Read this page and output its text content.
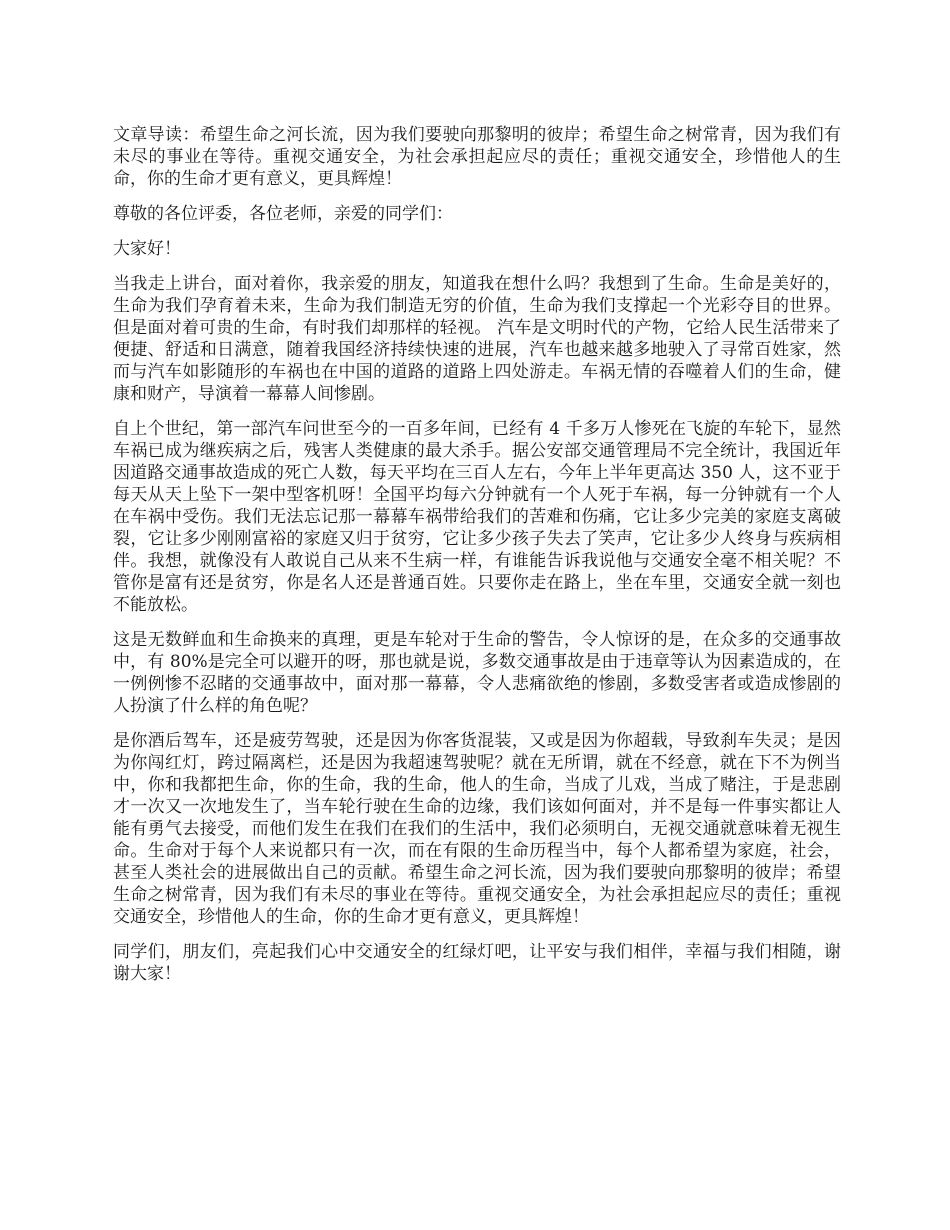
文章导读：希望生命之河长流，因为我们要驶向那黎明的彼岸；希望生命之树常青，因为我们有未尽的事业在等待。重视交通安全，为社会承担起应尽的责任；重视交通安全，珍惜他人的生命，你的生命才更有意义，更具辉煌！

尊敬的各位评委，各位老师，亲爱的同学们：

大家好！

当我走上讲台，面对着你，我亲爱的朋友，知道我在想什么吗？我想到了生命。生命是美好的，生命为我们孕育着未来，生命为我们制造无穷的价值，生命为我们支撑起一个光彩夺目的世界。但是面对着可贵的生命，有时我们却那样的轻视。 汽车是文明时代的产物，它给人民生活带来了便捷、舒适和日满意，随着我国经济持续快速的进展，汽车也越来越多地驶入了寻常百姓家，然而与汽车如影随形的车祸也在中国的道路的道路上四处游走。车祸无情的吞噬着人们的生命，健康和财产，导演着一幕幕人间惨剧。

自上个世纪，第一部汽车问世至今的一百多年间，已经有 4 千多万人惨死在飞旋的车轮下，显然车祸已成为继疾病之后，残害人类健康的最大杀手。据公安部交通管理局不完全统计，我国近年因道路交通事故造成的死亡人数，每天平均在三百人左右，今年上半年更高达 350 人，这不亚于每天从天上坠下一架中型客机呀！全国平均每六分钟就有一个人死于车祸，每一分钟就有一个人在车祸中受伤。我们无法忘记那一幕幕车祸带给我们的苦难和伤痛，它让多少完美的家庭支离破裂，它让多少刚刚富裕的家庭又归于贫穷，它让多少孩子失去了笑声，它让多少人终身与疾病相伴。我想，就像没有人敢说自己从来不生病一样，有谁能告诉我说他与交通安全毫不相关呢？不管你是富有还是贫穷，你是名人还是普通百姓。只要你走在路上，坐在车里，交通安全就一刻也不能放松。

这是无数鲜血和生命换来的真理，更是车轮对于生命的警告，令人惊讶的是，在众多的交通事故中，有 80%是完全可以避开的呀，那也就是说，多数交通事故是由于违章等认为因素造成的，在一例例惨不忍睹的交通事故中，面对那一幕幕，令人悲痛欲绝的惨剧，多数受害者或造成惨剧的人扮演了什么样的角色呢？

是你酒后驾车，还是疲劳驾驶，还是因为你客货混装，又或是因为你超载，导致刹车失灵；是因为你闯红灯，跨过隔离栏，还是因为我超速驾驶呢？就在无所谓，就在不经意，就在下不为例当中，你和我都把生命，你的生命，我的生命，他人的生命，当成了儿戏，当成了赌注，于是悲剧才一次又一次地发生了，当车轮行驶在生命的边缘，我们该如何面对，并不是每一件事实都让人能有勇气去接受，而他们发生在我们在我们的生活中，我们必须明白，无视交通就意味着无视生命。生命对于每个人来说都只有一次，而在有限的生命历程当中，每个人都希望为家庭，社会，甚至人类社会的进展做出自己的贡献。希望生命之河长流，因为我们要驶向那黎明的彼岸；希望生命之树常青，因为我们有未尽的事业在等待。重视交通安全，为社会承担起应尽的责任；重视交通安全，珍惜他人的生命，你的生命才更有意义，更具辉煌！

同学们，朋友们，亮起我们心中交通安全的红绿灯吧，让平安与我们相伴，幸福与我们相随，谢谢大家！
